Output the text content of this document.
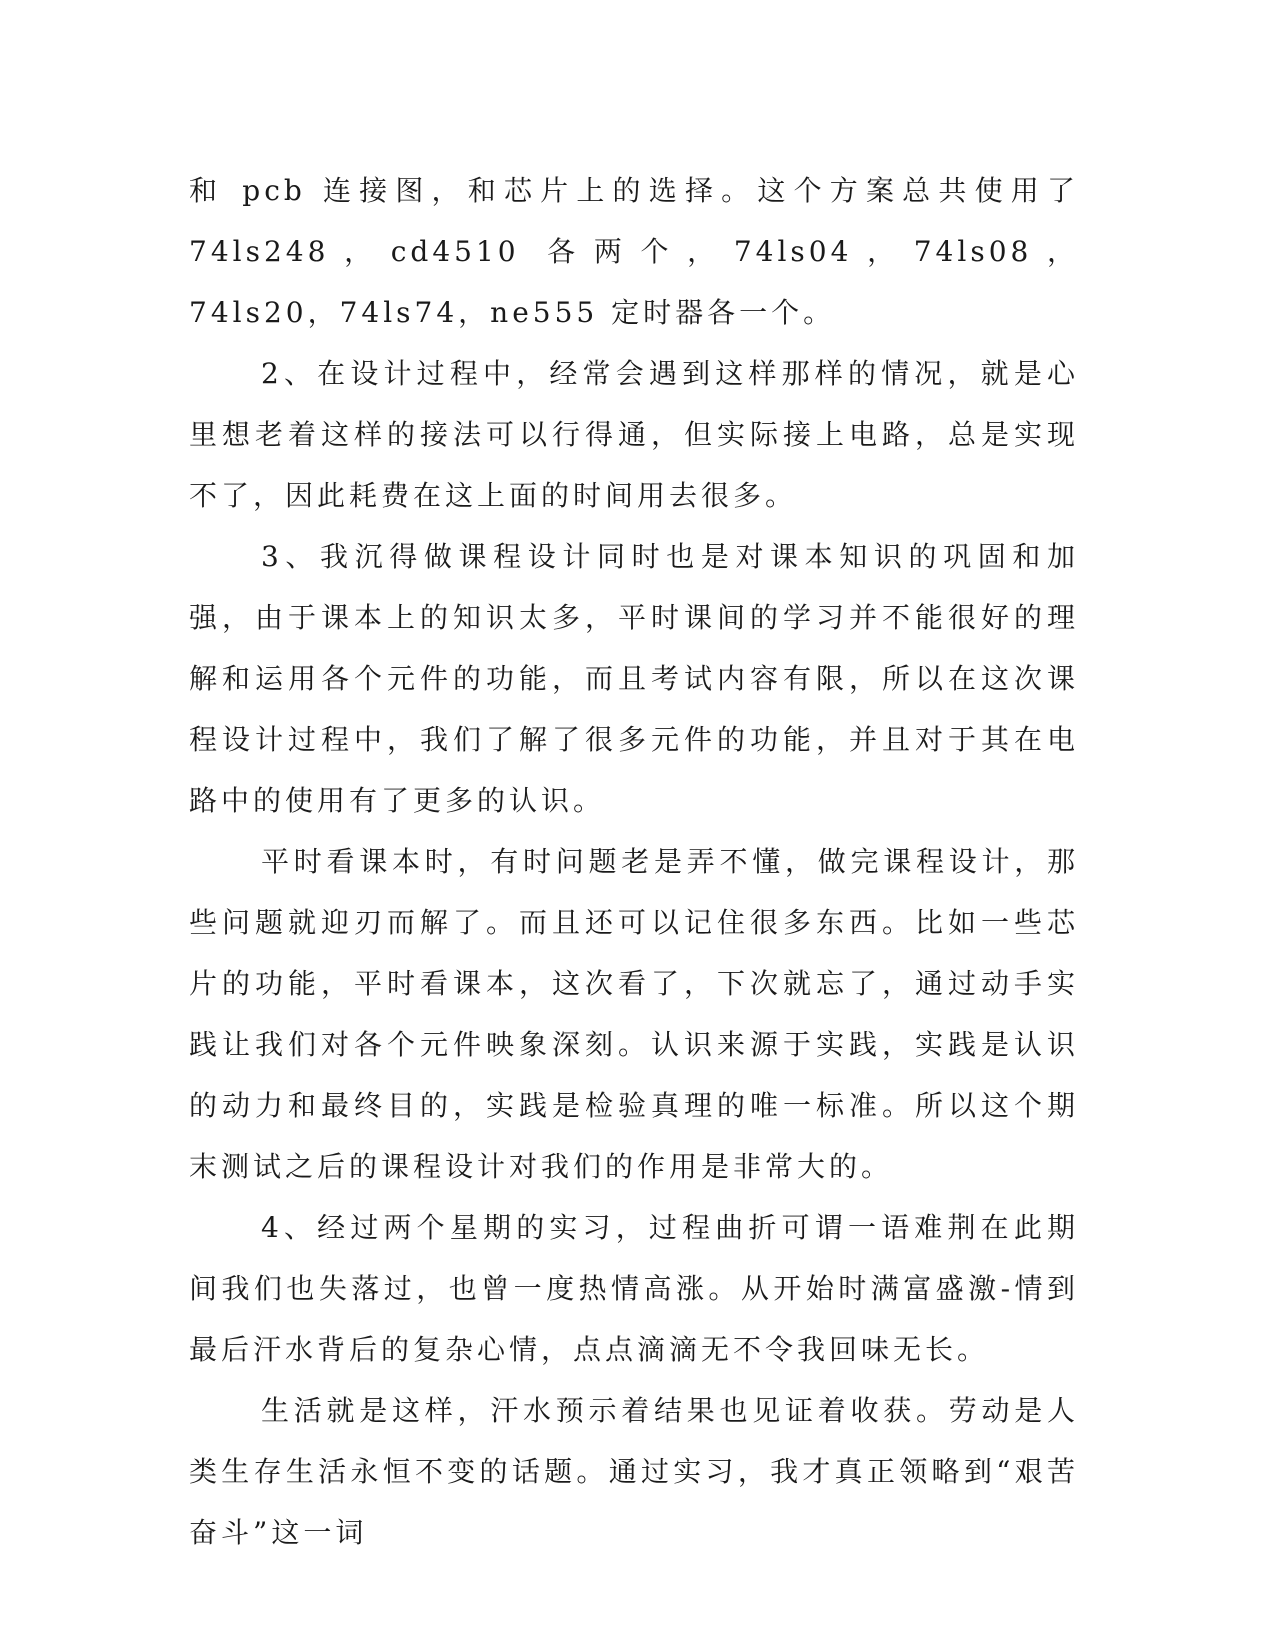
和 pcb 连接图，和芯片上的选择。这个方案总共使用了 74ls248，cd4510 各两个，74ls04，74ls08，74ls20，74ls74，ne555 定时器各一个。

2、在设计过程中，经常会遇到这样那样的情况，就是心里想老着这样的接法可以行得通，但实际接上电路，总是实现不了，因此耗费在这上面的时间用去很多。

3、我沉得做课程设计同时也是对课本知识的巩固和加强，由于课本上的知识太多，平时课间的学习并不能很好的理解和运用各个元件的功能，而且考试内容有限，所以在这次课程设计过程中，我们了解了很多元件的功能，并且对于其在电路中的使用有了更多的认识。

平时看课本时，有时问题老是弄不懂，做完课程设计，那些问题就迎刃而解了。而且还可以记住很多东西。比如一些芯片的功能，平时看课本，这次看了，下次就忘了，通过动手实践让我们对各个元件映象深刻。认识来源于实践，实践是认识的动力和最终目的，实践是检验真理的唯一标准。所以这个期末测试之后的课程设计对我们的作用是非常大的。

4、经过两个星期的实习，过程曲折可谓一语难荆在此期间我们也失落过，也曾一度热情高涨。从开始时满富盛激-情到最后汗水背后的复杂心情，点点滴滴无不令我回味无长。

生活就是这样，汗水预示着结果也见证着收获。劳动是人类生存生活永恒不变的话题。通过实习，我才真正领略到“艰苦奋斗”这一词
